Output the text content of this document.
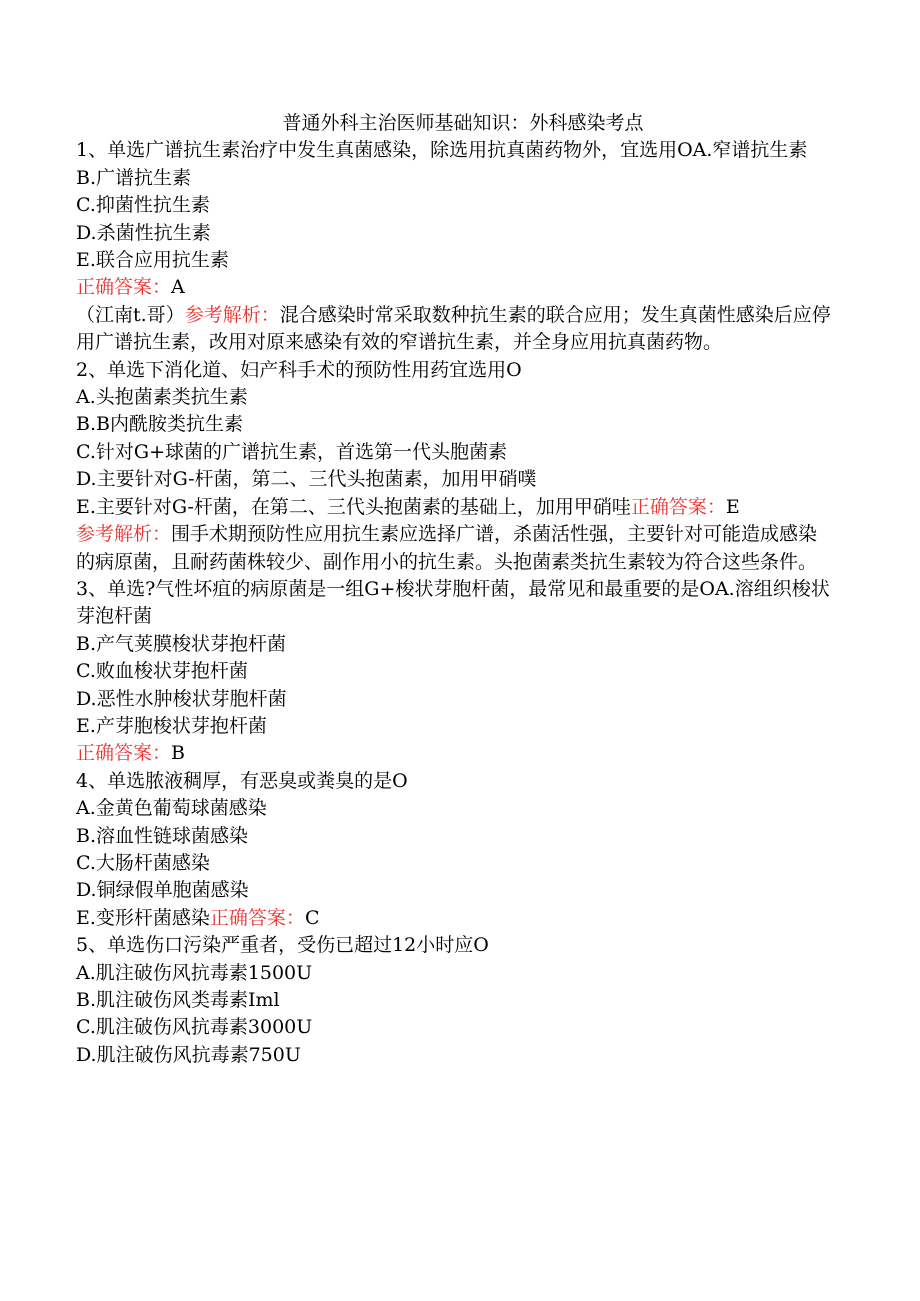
普通外科主治医师基础知识：外科感染考点
1、单选广谱抗生素治疗中发生真菌感染，除选用抗真菌药物外，宜选用OA.窄谱抗生素
B.广谱抗生素
C.抑菌性抗生素
D.杀菌性抗生素
E.联合应用抗生素
正确答案：A
（江南t.哥）参考解析：混合感染时常采取数种抗生素的联合应用；发生真菌性感染后应停用广谱抗生素，改用对原来感染有效的窄谱抗生素，并全身应用抗真菌药物。
2、单选下消化道、妇产科手术的预防性用药宜选用O
A.头抱菌素类抗生素
B.B内酰胺类抗生素
C.针对G+球菌的广谱抗生素，首选第一代头胞菌素
D.主要针对G-杆菌，第二、三代头抱菌素，加用甲硝噗
E.主要针对G-杆菌，在第二、三代头抱菌素的基础上，加用甲硝哇正确答案：E
参考解析：围手术期预防性应用抗生素应选择广谱，杀菌活性强，主要针对可能造成感染的病原菌，且耐药菌株较少、副作用小的抗生素。头抱菌素类抗生素较为符合这些条件。
3、单选?气性坏疽的病原菌是一组G+梭状芽胞杆菌，最常见和最重要的是OA.溶组织梭状芽泡杆菌
B.产气荚膜梭状芽抱杆菌
C.败血梭状芽抱杆菌
D.恶性水肿梭状芽胞杆菌
E.产芽胞梭状芽抱杆菌
正确答案：B
4、单选脓液稠厚，有恶臭或粪臭的是O
A.金黄色葡萄球菌感染
B.溶血性链球菌感染
C.大肠杆菌感染
D.铜绿假单胞菌感染
E.变形杆菌感染正确答案：C
5、单选伤口污染严重者，受伤已超过12小时应O
A.肌注破伤风抗毒素1500U
B.肌注破伤风类毒素Iml
C.肌注破伤风抗毒素3000U
D.肌注破伤风抗毒素750U
